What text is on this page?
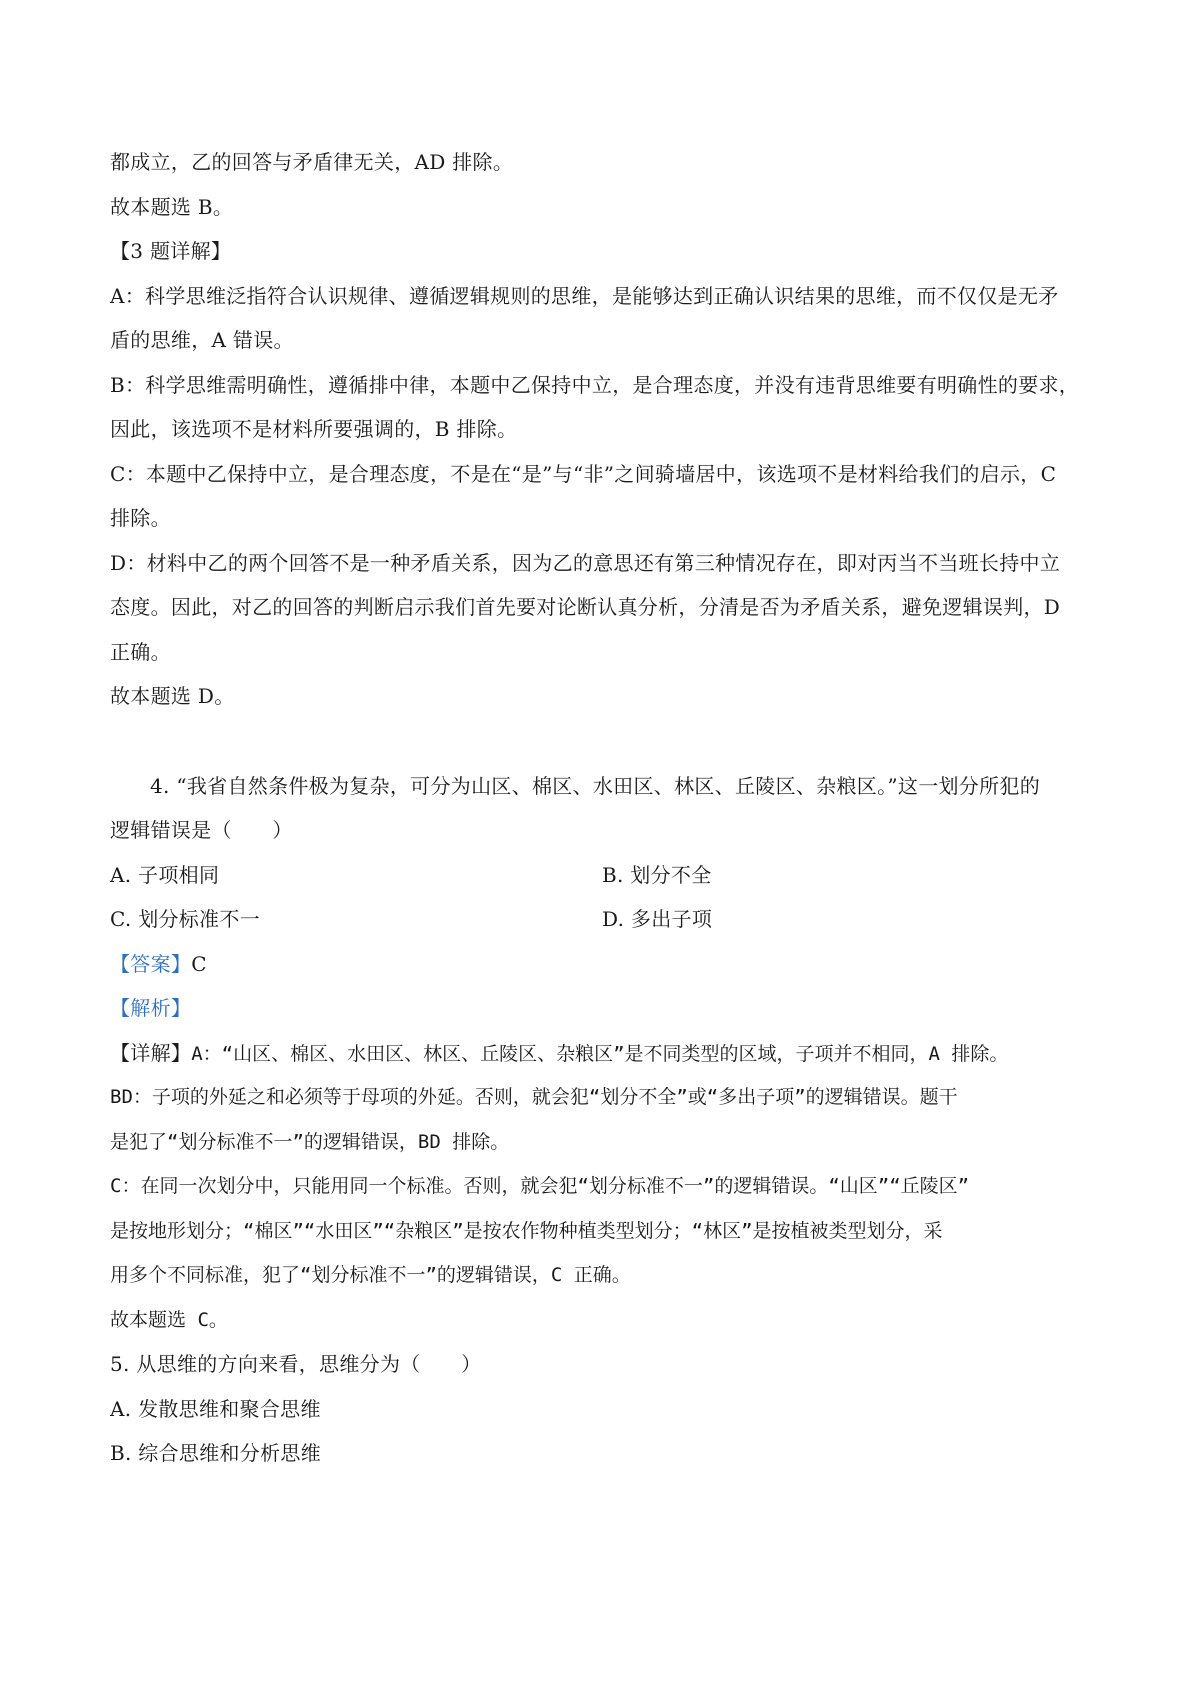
都成立，乙的回答与矛盾律无关，AD 排除。
故本题选 B。
【3 题详解】
A：科学思维泛指符合认识规律、遵循逻辑规则的思维，是能够达到正确认识结果的思维，而不仅仅是无矛
盾的思维，A 错误。
B：科学思维需明确性，遵循排中律，本题中乙保持中立，是合理态度，并没有违背思维要有明确性的要求，
因此，该选项不是材料所要强调的，B 排除。
C：本题中乙保持中立，是合理态度，不是在“是”与“非”之间骑墙居中，该选项不是材料给我们的启示，C
排除。
D：材料中乙的两个回答不是一种矛盾关系，因为乙的意思还有第三种情况存在，即对丙当不当班长持中立
态度。因此，对乙的回答的判断启示我们首先要对论断认真分析，分清是否为矛盾关系，避免逻辑误判，D
正确。
故本题选 D。
4. “我省自然条件极为复杂，可分为山区、棉区、水田区、林区、丘陵区、杂粮区。”这一划分所犯的
逻辑错误是（　　）
A. 子项相同	B. 划分不全
C. 划分标准不一	D. 多出子项
【答案】C
【解析】
【详解】A：“山区、棉区、水田区、林区、丘陵区、杂粮区”是不同类型的区域，子项并不相同，A 排除。
BD：子项的外延之和必须等于母项的外延。否则，就会犯“划分不全”或“多出子项”的逻辑错误。题干
是犯了“划分标准不一”的逻辑错误，BD 排除。
C：在同一次划分中，只能用同一个标准。否则，就会犯“划分标准不一”的逻辑错误。“山区”“丘陵区”
是按地形划分；“棉区”“水田区”“杂粮区”是按农作物种植类型划分；“林区”是按植被类型划分，采
用多个不同标准，犯了“划分标准不一”的逻辑错误，C 正确。
故本题选 C。
5. 从思维的方向来看，思维分为（　　）
A. 发散思维和聚合思维
B. 综合思维和分析思维
